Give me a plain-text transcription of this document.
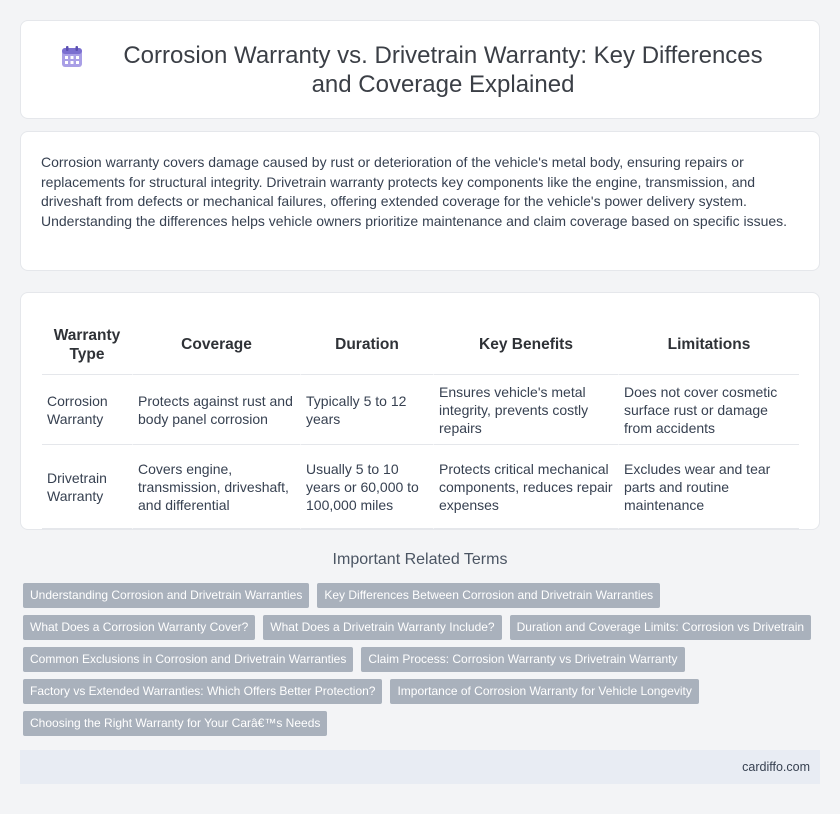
Corrosion Warranty vs. Drivetrain Warranty: Key Differences and Coverage Explained

Corrosion warranty covers damage caused by rust or deterioration of the vehicle's metal body, ensuring repairs or replacements for structural integrity. Drivetrain warranty protects key components like the engine, transmission, and driveshaft from defects or mechanical failures, offering extended coverage for the vehicle's power delivery system. Understanding the differences helps vehicle owners prioritize maintenance and claim coverage based on specific issues.

Warranty Type	Coverage	Duration	Key Benefits	Limitations
Corrosion Warranty	Protects against rust and body panel corrosion	Typically 5 to 12 years	Ensures vehicle's metal integrity, prevents costly repairs	Does not cover cosmetic surface rust or damage from accidents
Drivetrain Warranty	Covers engine, transmission, driveshaft, and differential	Usually 5 to 10 years or 60,000 to 100,000 miles	Protects critical mechanical components, reduces repair expenses	Excludes wear and tear parts and routine maintenance
Important Related Terms
Understanding Corrosion and Drivetrain Warranties	Key Differences Between Corrosion and Drivetrain Warranties
What Does a Corrosion Warranty Cover?	What Does a Drivetrain Warranty Include?	Duration and Coverage Limits: Corrosion vs Drivetrain
Common Exclusions in Corrosion and Drivetrain Warranties	Claim Process: Corrosion Warranty vs Drivetrain Warranty
Factory vs Extended Warranties: Which Offers Better Protection?	Importance of Corrosion Warranty for Vehicle Longevity
Choosing the Right Warranty for Your Carâ€™s Needs
cardiffo.com
